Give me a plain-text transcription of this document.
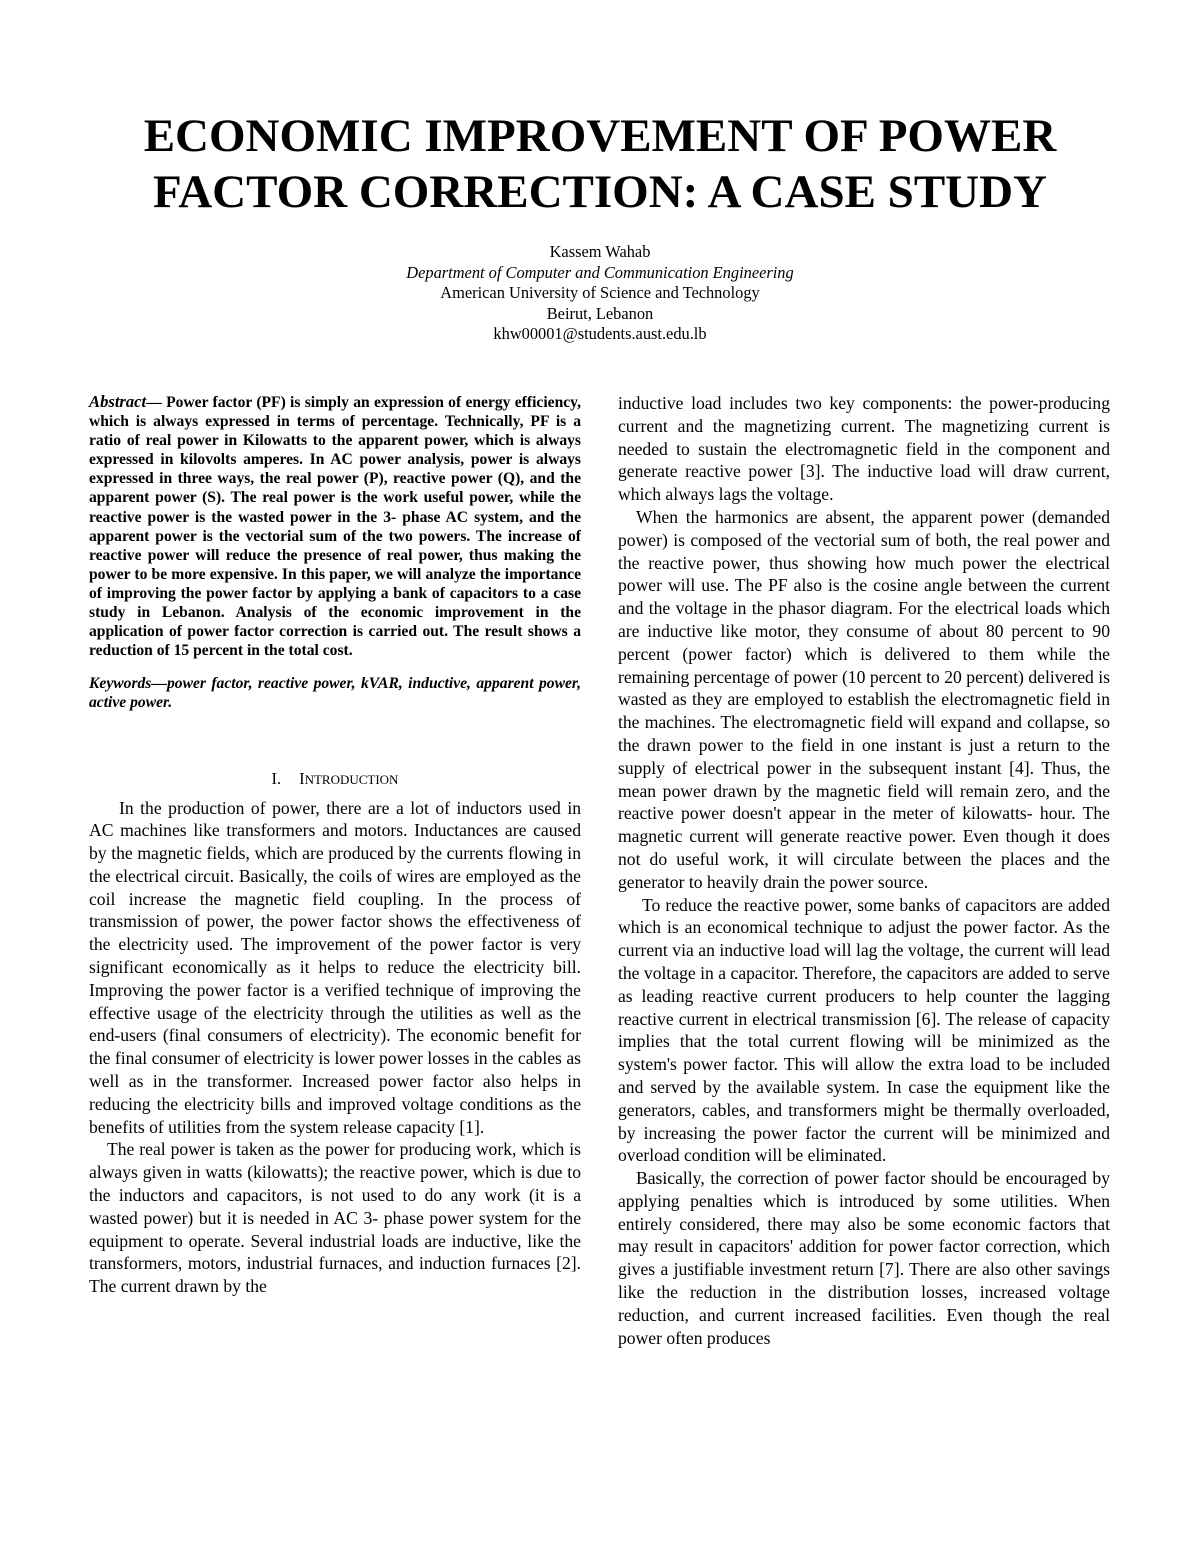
ECONOMIC IMPROVEMENT OF POWER
FACTOR CORRECTION: A CASE STUDY
Kassem Wahab
Department of Computer and Communication Engineering
American University of Science and Technology
Beirut, Lebanon
khw00001@students.aust.edu.lb

Abstract— Power factor (PF) is simply an expression of energy efficiency, which is always expressed in terms of percentage. Technically, PF is a ratio of real power in Kilowatts to the apparent power, which is always expressed in kilovolts amperes. In AC power analysis, power is always expressed in three ways, the real power (P), reactive power (Q), and the apparent power (S). The real power is the work useful power, while the reactive power is the wasted power in the 3- phase AC system, and the apparent power is the vectorial sum of the two powers. The increase of reactive power will reduce the presence of real power, thus making the power to be more expensive. In this paper, we will analyze the importance of improving the power factor by applying a bank of capacitors to a case study in Lebanon. Analysis of the economic improvement in the application of power factor correction is carried out. The result shows a reduction of 15 percent in the total cost.

Keywords—power factor, reactive power, kVAR, inductive, apparent power, active power.

I. INTRODUCTION

In the production of power, there are a lot of inductors used in AC machines like transformers and motors. Inductances are caused by the magnetic fields, which are produced by the currents flowing in the electrical circuit. Basically, the coils of wires are employed as the coil increase the magnetic field coupling. In the process of transmission of power, the power factor shows the effectiveness of the electricity used. The improvement of the power factor is very significant economically as it helps to reduce the electricity bill. Improving the power factor is a verified technique of improving the effective usage of the electricity through the utilities as well as the end-users (final consumers of electricity). The economic benefit for the final consumer of electricity is lower power losses in the cables as well as in the transformer. Increased power factor also helps in reducing the electricity bills and improved voltage conditions as the benefits of utilities from the system release capacity [1].

The real power is taken as the power for producing work, which is always given in watts (kilowatts); the reactive power, which is due to the inductors and capacitors, is not used to do any work (it is a wasted power) but it is needed in AC 3- phase power system for the equipment to operate. Several industrial loads are inductive, like the transformers, motors, industrial furnaces, and induction furnaces [2]. The current drawn by the

inductive load includes two key components: the power-producing current and the magnetizing current. The magnetizing current is needed to sustain the electromagnetic field in the component and generate reactive power [3]. The inductive load will draw current, which always lags the voltage.

When the harmonics are absent, the apparent power (demanded power) is composed of the vectorial sum of both, the real power and the reactive power, thus showing how much power the electrical power will use. The PF also is the cosine angle between the current and the voltage in the phasor diagram. For the electrical loads which are inductive like motor, they consume of about 80 percent to 90 percent (power factor) which is delivered to them while the remaining percentage of power (10 percent to 20 percent) delivered is wasted as they are employed to establish the electromagnetic field in the machines. The electromagnetic field will expand and collapse, so the drawn power to the field in one instant is just a return to the supply of electrical power in the subsequent instant [4]. Thus, the mean power drawn by the magnetic field will remain zero, and the reactive power doesn't appear in the meter of kilowatts- hour. The magnetic current will generate reactive power. Even though it does not do useful work, it will circulate between the places and the generator to heavily drain the power source.

To reduce the reactive power, some banks of capacitors are added which is an economical technique to adjust the power factor. As the current via an inductive load will lag the voltage, the current will lead the voltage in a capacitor. Therefore, the capacitors are added to serve as leading reactive current producers to help counter the lagging reactive current in electrical transmission [6]. The release of capacity implies that the total current flowing will be minimized as the system's power factor. This will allow the extra load to be included and served by the available system. In case the equipment like the generators, cables, and transformers might be thermally overloaded, by increasing the power factor the current will be minimized and overload condition will be eliminated.

Basically, the correction of power factor should be encouraged by applying penalties which is introduced by some utilities. When entirely considered, there may also be some economic factors that may result in capacitors' addition for power factor correction, which gives a justifiable investment return [7]. There are also other savings like the reduction in the distribution losses, increased voltage reduction, and current increased facilities. Even though the real power often produces
